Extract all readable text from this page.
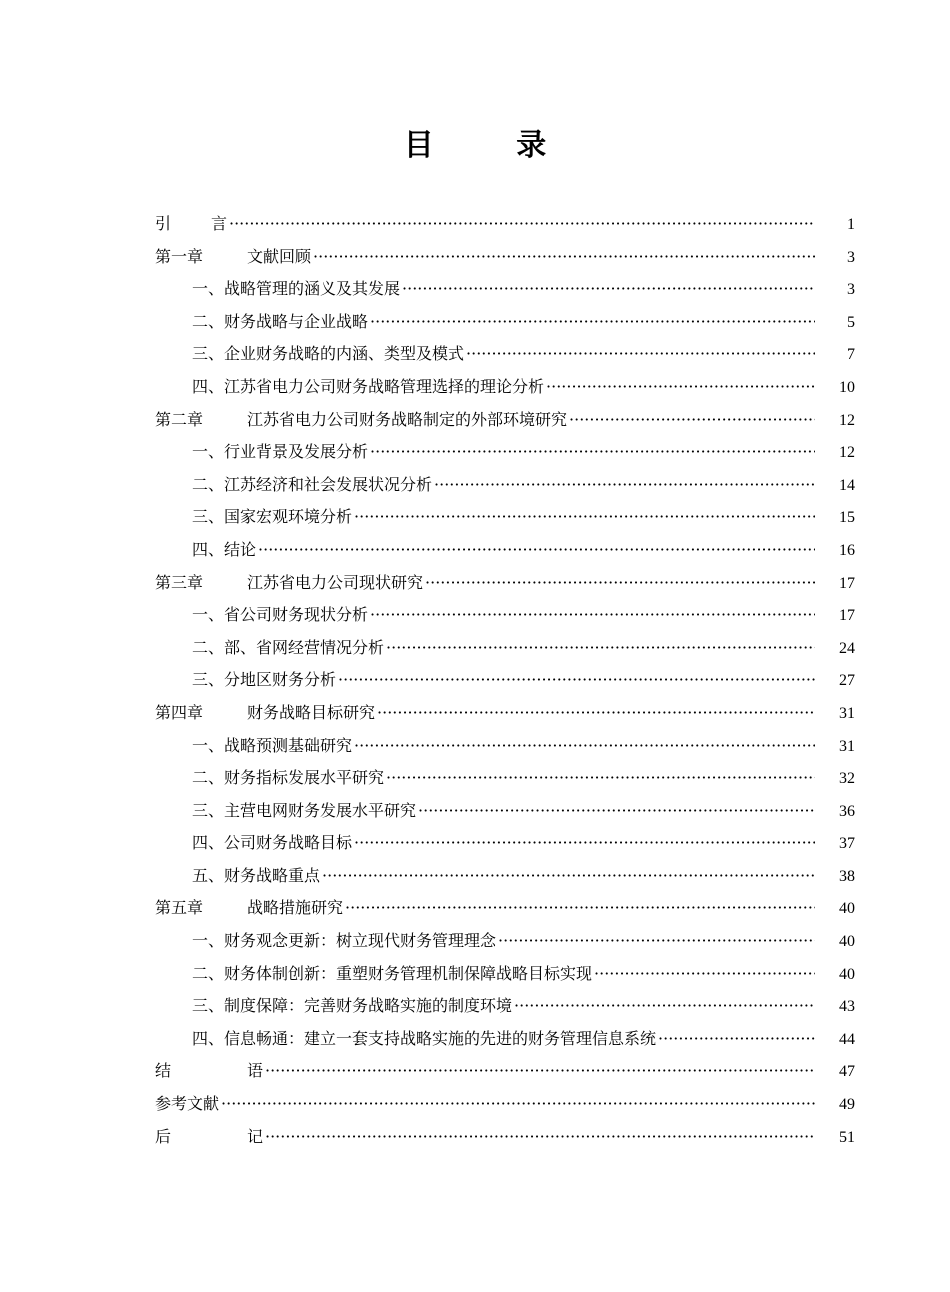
目 录
引 言 ·····	1
第一章	文献回顾 ·····	3
一、战略管理的涵义及其发展 ·····	3
二、财务战略与企业战略 ·····	5
三、企业财务战略的内涵、类型及模式 ·····	7
四、江苏省电力公司财务战略管理选择的理论分析 ·····	10
第二章	江苏省电力公司财务战略制定的外部环境研究 ·····	12
一、行业背景及发展分析 ·····	12
二、江苏经济和社会发展状况分析 ·····	14
三、国家宏观环境分析 ·····	15
四、结论 ·····	16
第三章	江苏省电力公司现状研究 ·····	17
一、省公司财务现状分析 ·····	17
二、部、省网经营情况分析 ·····	24
三、分地区财务分析 ·····	27
第四章	财务战略目标研究 ·····	31
一、战略预测基础研究 ·····	31
二、财务指标发展水平研究 ·····	32
三、主营电网财务发展水平研究 ·····	36
四、公司财务战略目标 ·····	37
五、财务战略重点 ·····	38
第五章	战略措施研究 ·····	40
一、财务观念更新：树立现代财务管理理念 ·····	40
二、财务体制创新：重塑财务管理机制保障战略目标实现 ·····	40
三、制度保障：完善财务战略实施的制度环境 ·····	43
四、信息畅通：建立一套支持战略实施的先进的财务管理信息系统 ·····	44
结	语 ·····	47
参考文献 ·····	49
后	记 ·····	51
